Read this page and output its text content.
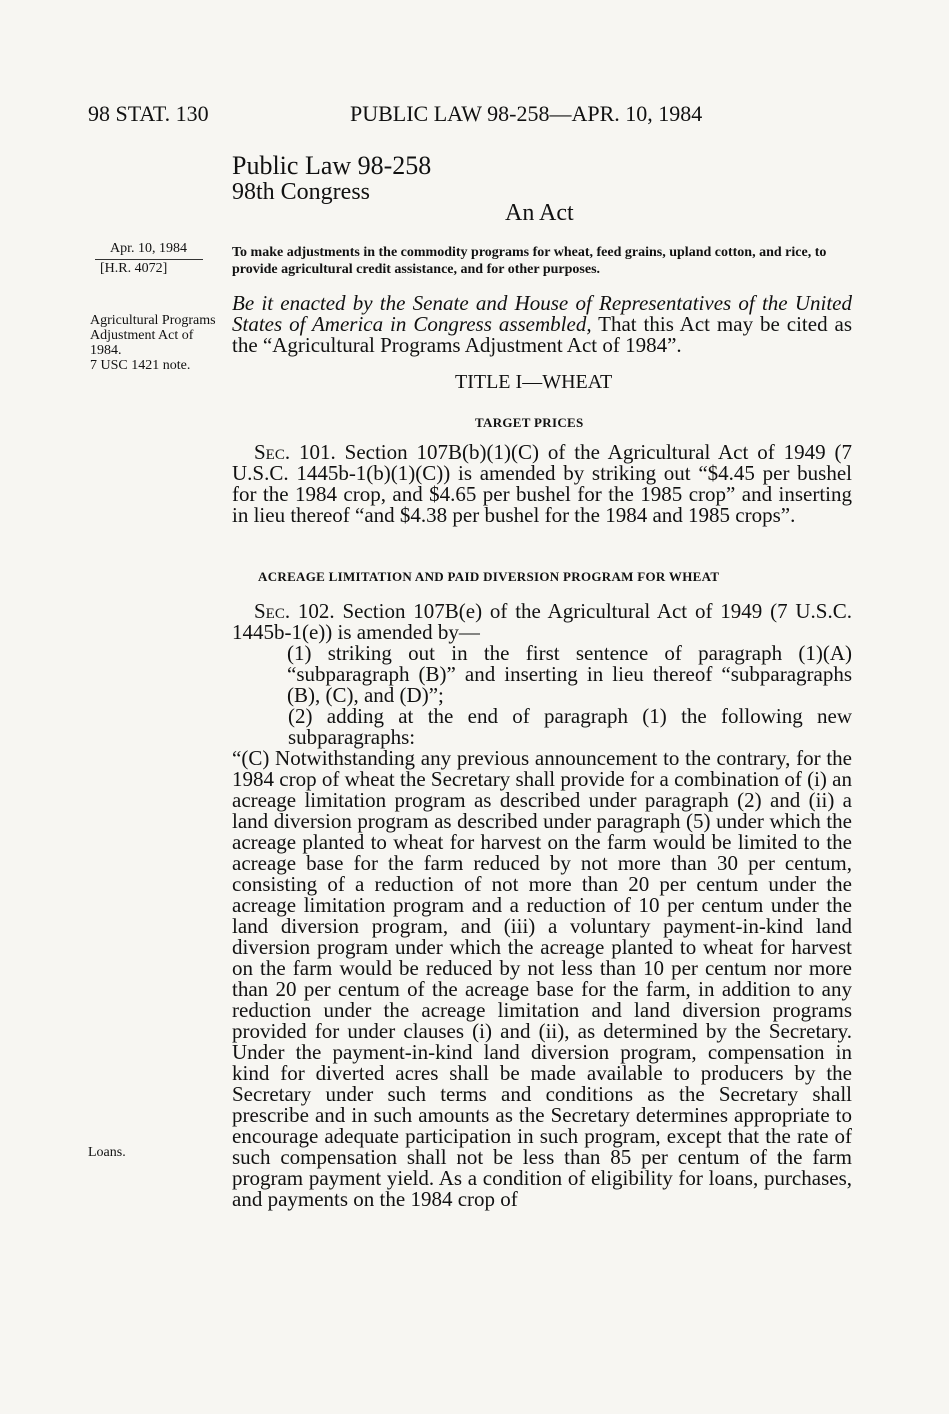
98 STAT. 130	PUBLIC LAW 98-258—APR. 10, 1984
Public Law 98-258
98th Congress
An Act
Apr. 10, 1984
[H.R. 4072]
To make adjustments in the commodity programs for wheat, feed grains, upland cotton, and rice, to provide agricultural credit assistance, and for other purposes.
Agricultural Programs Adjustment Act of 1984.
7 USC 1421 note.
Be it enacted by the Senate and House of Representatives of the United States of America in Congress assembled, That this Act may be cited as the “Agricultural Programs Adjustment Act of 1984”.
TITLE I—WHEAT
TARGET PRICES
Sec. 101. Section 107B(b)(1)(C) of the Agricultural Act of 1949 (7 U.S.C. 1445b-1(b)(1)(C)) is amended by striking out “$4.45 per bushel for the 1984 crop, and $4.65 per bushel for the 1985 crop” and inserting in lieu thereof “and $4.38 per bushel for the 1984 and 1985 crops”.
ACREAGE LIMITATION AND PAID DIVERSION PROGRAM FOR WHEAT

Sec. 102. Section 107B(e) of the Agricultural Act of 1949 (7 U.S.C. 1445b-1(e)) is amended by—

(1) striking out in the first sentence of paragraph (1)(A) “subparagraph (B)” and inserting in lieu thereof “subparagraphs (B), (C), and (D)”;

(2) adding at the end of paragraph (1) the following new subparagraphs:

“(C) Notwithstanding any previous announcement to the contrary, for the 1984 crop of wheat the Secretary shall provide for a combination of (i) an acreage limitation program as described under paragraph (2) and (ii) a land diversion program as described under paragraph (5) under which the acreage planted to wheat for harvest on the farm would be limited to the acreage base for the farm reduced by not more than 30 per centum, consisting of a reduction of not more than 20 per centum under the acreage limitation program and a reduction of 10 per centum under the land diversion program, and (iii) a voluntary payment-in-kind land diversion program under which the acreage planted to wheat for harvest on the farm would be reduced by not less than 10 per centum nor more than 20 per centum of the acreage base for the farm, in addition to any reduction under the acreage limitation and land diversion programs provided for under clauses (i) and (ii), as determined by the Secretary. Under the payment-in-kind land diversion program, compensation in kind for diverted acres shall be made available to producers by the Secretary under such terms and conditions as the Secretary shall prescribe and in such amounts as the Secretary determines appropriate to encourage adequate participation in such program, except that the rate of such compensation shall not be less than 85 per centum of the farm program payment yield. As a condition of eligibility for loans, purchases, and payments on the 1984 crop of

Loans.
